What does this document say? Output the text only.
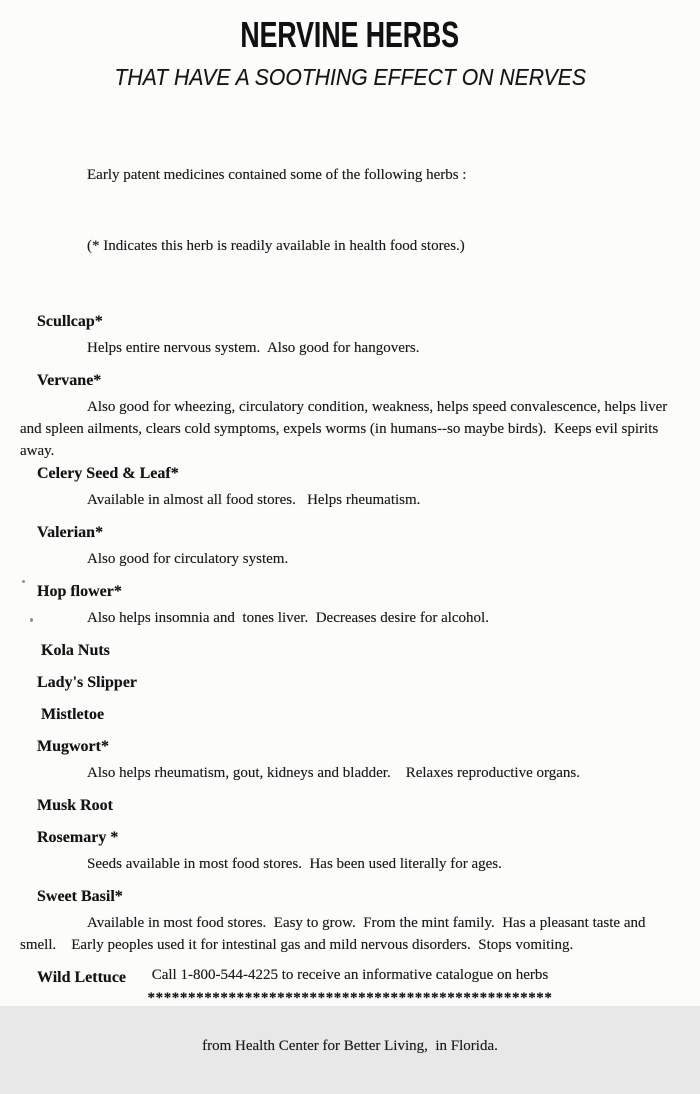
NERVINE HERBS
THAT HAVE A SOOTHING EFFECT ON NERVES

Early patent medicines contained some of the following herbs :

(* Indicates this herb is readily available in health food stores.)

Scullcap*
Helps entire nervous system.  Also good for hangovers.
Vervane*
Also good for wheezing, circulatory condition, weakness, helps speed convalescence, helps liver and spleen ailments, clears cold symptoms, expels worms (in humans--so maybe birds).  Keeps evil spirits away.
Celery Seed & Leaf*
Available in almost all food stores.   Helps rheumatism.
Valerian*
Also good for circulatory system.
Hop flower*
Also helps insomnia and  tones liver.  Decreases desire for alcohol.
Kola Nuts
Lady's Slipper
Mistletoe
Mugwort*
Also helps rheumatism, gout, kidneys and bladder.    Relaxes reproductive organs.
Musk Root
Rosemary *
Seeds available in most food stores.  Has been used literally for ages.
Sweet Basil*
Available in most food stores.  Easy to grow.  From the mint family.  Has a pleasant taste and smell.    Early peoples used it for intestinal gas and mild nervous disorders.  Stops vomiting.
Wild Lettuce
**************************************************

Call 1-800-544-4225 to receive an informative catalogue on herbs

from Health Center for Better Living,  in Florida.
